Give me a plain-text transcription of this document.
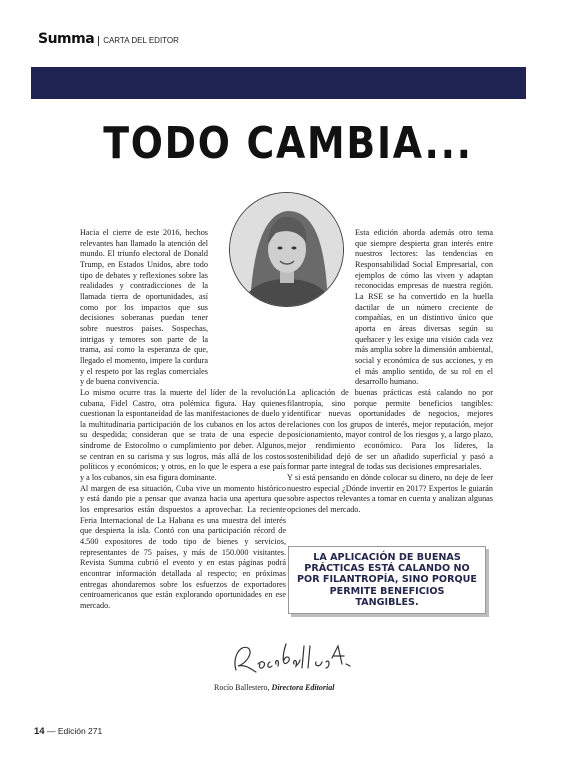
Summa	CARTA DEL EDITOR
TODO CAMBIA...

Hacia el cierre de este 2016, hechos relevantes han llamado la atención del mundo. El triunfo electoral de Donald Trump, en Estados Unidos, abre todo tipo de debates y reflexiones sobre las realidades y contradicciones de la llamada tierra de oportunidades, así como por los impactos que sus decisiones soberanas puedan tener sobre nuestros países. Sospechas, intrigas y temores son parte de la trama, así como la esperanza de que, llegado el momento, impere la cordura y el respeto por las reglas comerciales y de buena convivencia.

Lo mismo ocurre tras la muerte del líder de la revolución cubana, Fidel Castro, otra polémica figura. Hay quienes cuestionan la espontaneidad de las manifestaciones de duelo y la multitudinaria participación de los cubanos en los actos de su despedida; consideran que se trata de una especie de síndrome de Estocolmo o cumplimiento por deber. Algunos, se centran en su carisma y sus logros, más allá de los costos políticos y económicos; y otros, en lo que le espera a ese país y a los cubanos, sin esa figura dominante.

Al margen de esa situación, Cuba vive un momento histórico y está dando pie a pensar que avanza hacia una apertura que los empresarios están dispuestos a aprovechar. La reciente Feria Internacional de La Habana es una muestra del interés que despierta la isla. Contó con una participación récord de 4.500 expositores de todo tipo de bienes y servicios, representantes de 75 países, y más de 150.000 visitantes. Revista Summa cubrió el evento y en estas páginas podrá encontrar información detallada al respecto; en próximas entregas ahondaremos sobre los esfuerzos de exportadores centroamericanos que están explorando oportunidades en ese mercado.

Esta edición aborda además otro tema que siempre despierta gran interés entre nuestros lectores: las tendencias en Responsabilidad Social Empresarial, con ejemplos de cómo las viven y adaptan reconocidas empresas de nuestra región. La RSE se ha convertido en la huella dactilar de un número creciente de compañías, en un distintivo único que aporta en áreas diversas según su quehacer y les exige una visión cada vez más amplia sobre la dimensión ambiental, social y económica de sus acciones, y en el más amplio sentido, de su rol en el desarrollo humano.

La aplicación de buenas prácticas está calando no por filantropía, sino porque permite beneficios tangibles: identificar nuevas oportunidades de negocios, mejores relaciones con los grupos de interés, mejor reputación, mejor posicionamiento, mayor control de los riesgos y, a largo plazo, mejor rendimiento económico. Para los líderes, la sostenibilidad dejó de ser un añadido superficial y pasó a formar parte integral de todas sus decisiones empresariales.

Y si está pensando en dónde colocar su dinero, no deje de leer nuestro especial ¿Dónde invertir en 2017? Expertos le guiarán sobre aspectos relevantes a tomar en cuenta y analizan algunas opciones del mercado.

LA APLICACIÓN DE BUENAS PRÁCTICAS ESTÁ CALANDO NO POR FILANTROPÍA, SINO PORQUE PERMITE BENEFICIOS TANGIBLES.
Rocío Ballestero, Directora Editorial
14 — Edición 271
